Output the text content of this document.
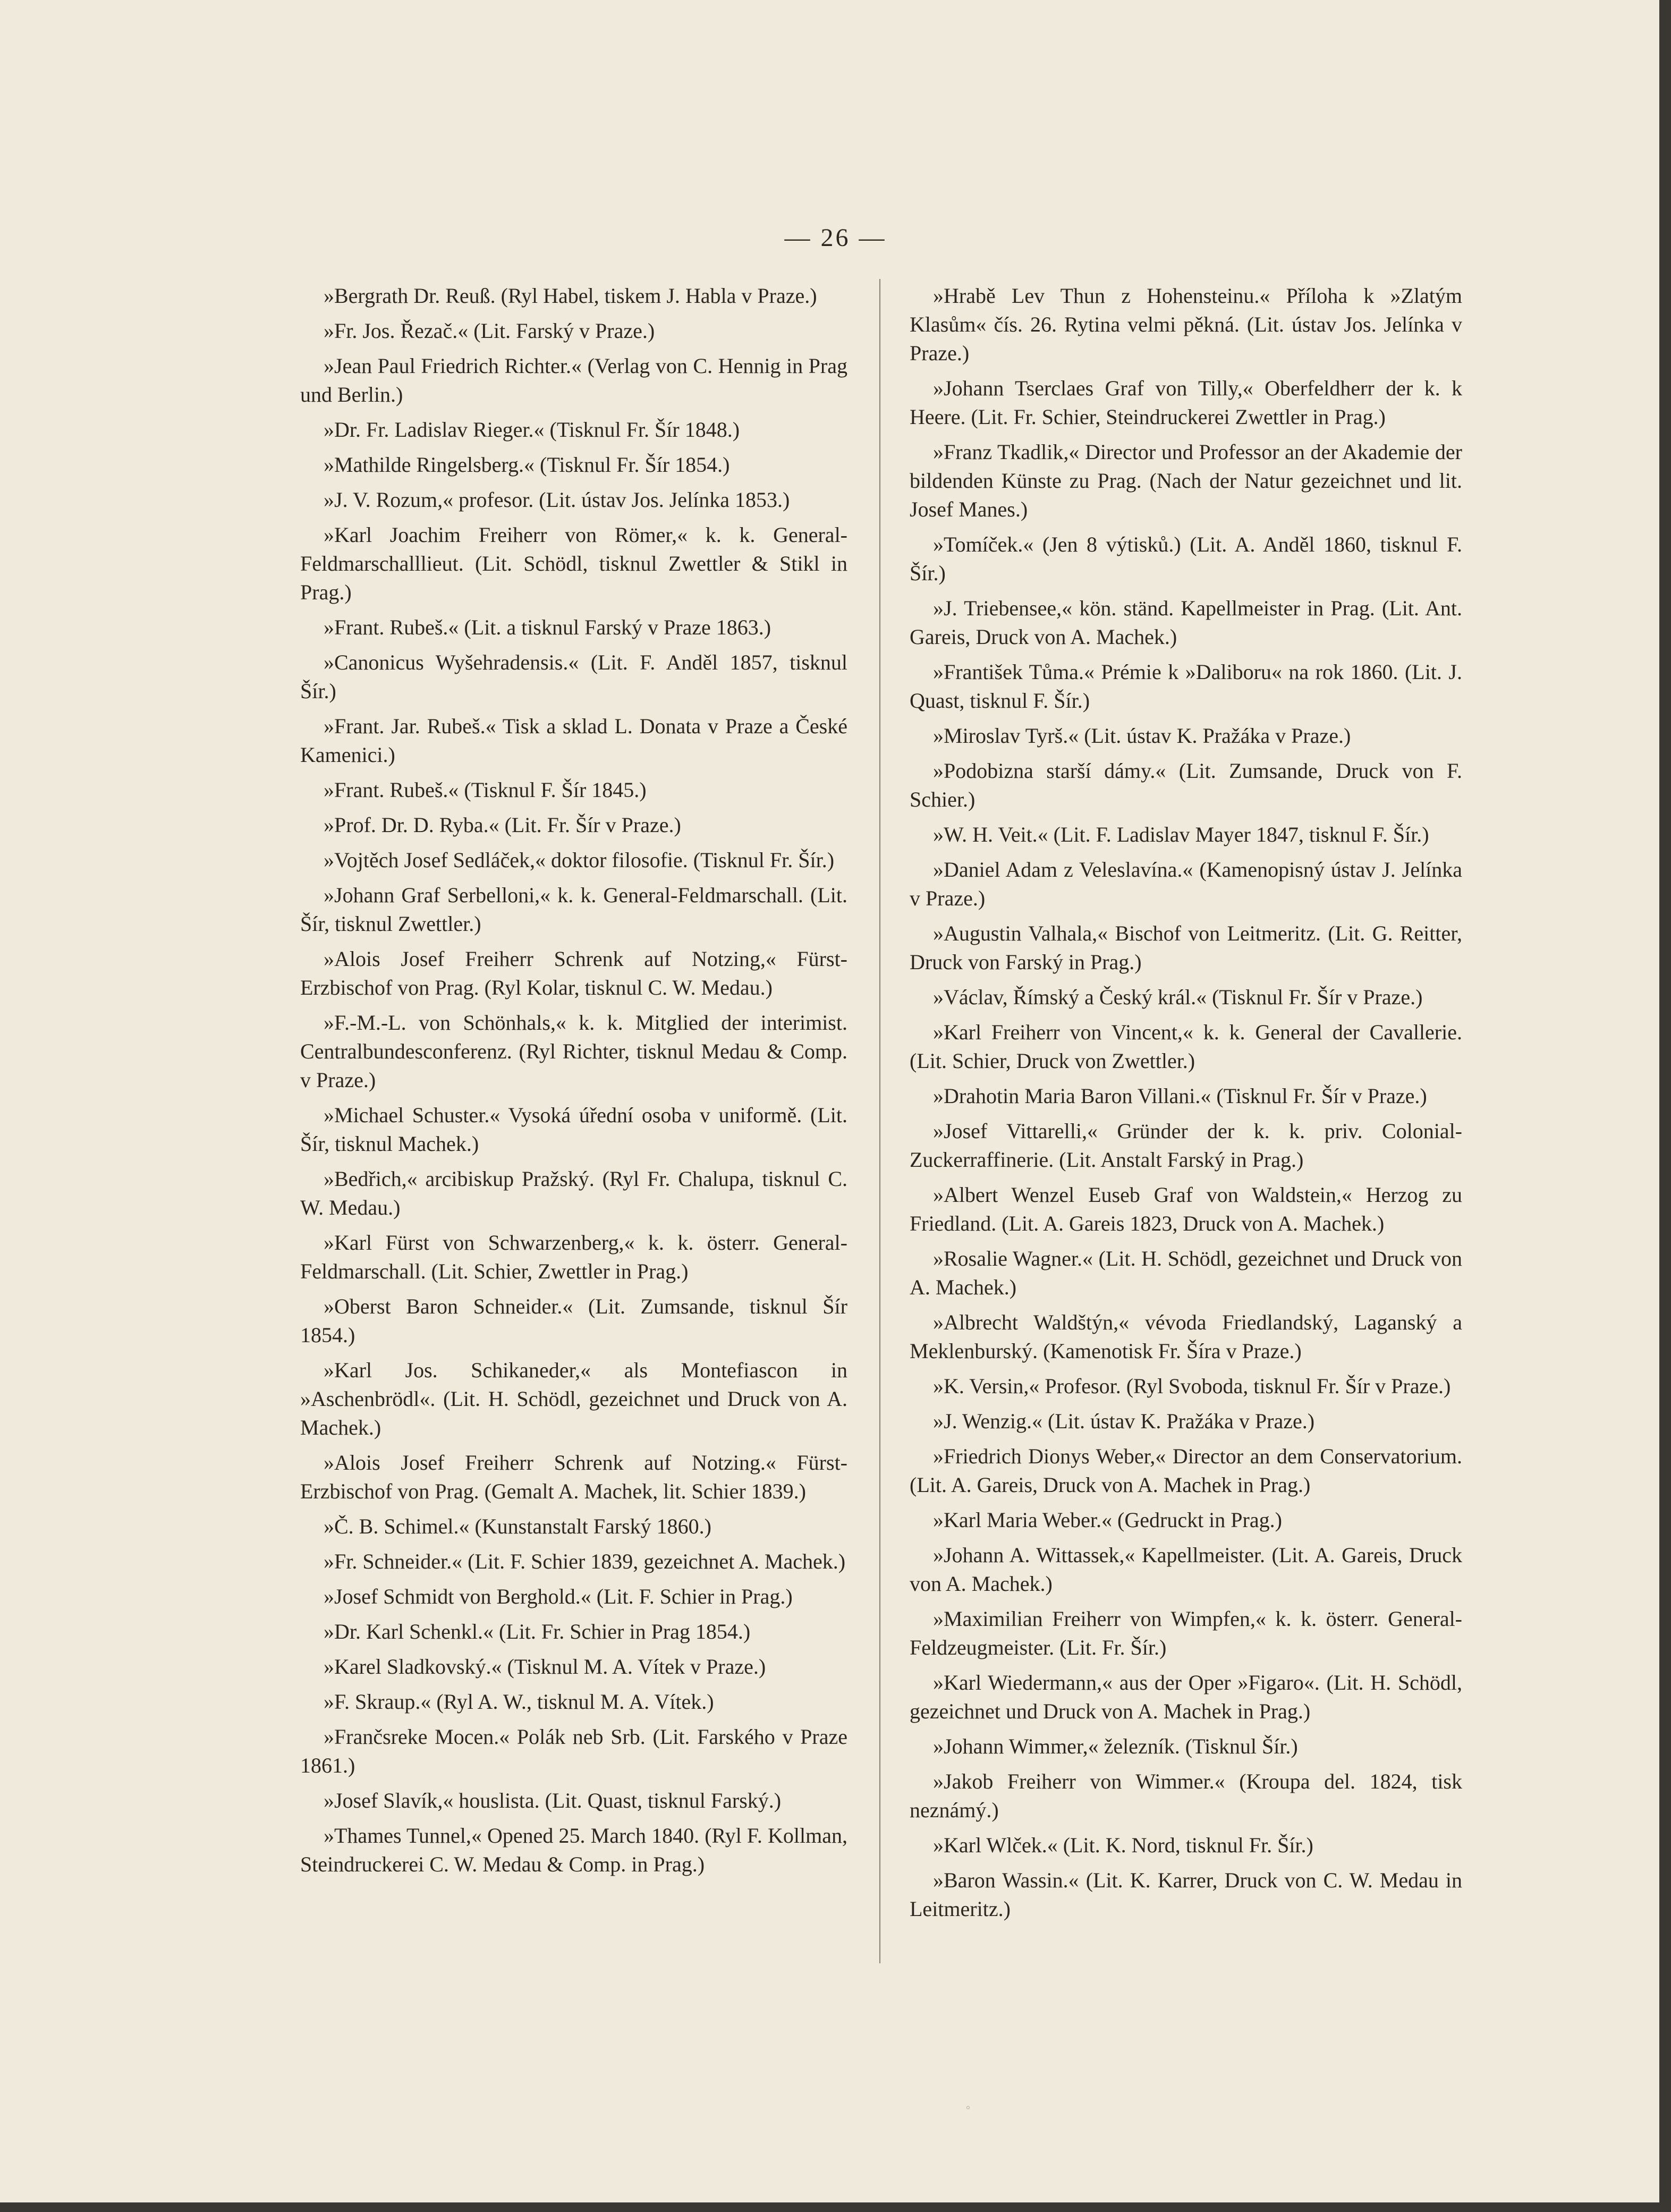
— 26 —

»Bergrath Dr. Reuß. (Ryl Habel, tiskem J. Habla v Praze.)

»Fr. Jos. Řezač.« (Lit. Farský v Praze.)

»Jean Paul Friedrich Richter.« (Verlag von C. Hennig in Prag und Berlin.)

»Dr. Fr. Ladislav Rieger.« (Tisknul Fr. Šír 1848.)

»Mathilde Ringelsberg.« (Tisknul Fr. Šír 1854.)

»J. V. Rozum,« profesor. (Lit. ústav Jos. Jelínka 1853.)

»Karl Joachim Freiherr von Römer,« k. k. General-Feldmarschalllieut. (Lit. Schödl, tisknul Zwettler & Stikl in Prag.)

»Frant. Rubeš.« (Lit. a tisknul Farský v Praze 1863.)

»Canonicus Wyšehradensis.« (Lit. F. Anděl 1857, tisknul Šír.)

»Frant. Jar. Rubeš.« Tisk a sklad L. Donata v Praze a České Kamenici.)

»Frant. Rubeš.« (Tisknul F. Šír 1845.)

»Prof. Dr. D. Ryba.« (Lit. Fr. Šír v Praze.)

»Vojtěch Josef Sedláček,« doktor filosofie. (Tisknul Fr. Šír.)

»Johann Graf Serbelloni,« k. k. General-Feldmarschall. (Lit. Šír, tisknul Zwettler.)

»Alois Josef Freiherr Schrenk auf Notzing,« Fürst-Erzbischof von Prag. (Ryl Kolar, tisknul C. W. Medau.)

»F.-M.-L. von Schönhals,« k. k. Mitglied der interimist. Centralbundesconferenz. (Ryl Richter, tisknul Medau & Comp. v Praze.)

»Michael Schuster.« Vysoká úřední osoba v uniformě. (Lit. Šír, tisknul Machek.)

»Bedřich,« arcibiskup Pražský. (Ryl Fr. Chalupa, tisknul C. W. Medau.)

»Karl Fürst von Schwarzenberg,« k. k. österr. General-Feldmarschall. (Lit. Schier, Zwettler in Prag.)

»Oberst Baron Schneider.« (Lit. Zumsande, tisknul Šír 1854.)

»Karl Jos. Schikaneder,« als Montefiascon in »Aschenbrödl«. (Lit. H. Schödl, gezeichnet und Druck von A. Machek.)

»Alois Josef Freiherr Schrenk auf Notzing.« Fürst-Erzbischof von Prag. (Gemalt A. Machek, lit. Schier 1839.)

»Č. B. Schimel.« (Kunstanstalt Farský 1860.)

»Fr. Schneider.« (Lit. F. Schier 1839, gezeichnet A. Machek.)

»Josef Schmidt von Berghold.« (Lit. F. Schier in Prag.)

»Dr. Karl Schenkl.« (Lit. Fr. Schier in Prag 1854.)

»Karel Sladkovský.« (Tisknul M. A. Vítek v Praze.)

»F. Skraup.« (Ryl A. W., tisknul M. A. Vítek.)

»Frančsreke Mocen.« Polák neb Srb. (Lit. Farského v Praze 1861.)

»Josef Slavík,« houslista. (Lit. Quast, tisknul Farský.)

»Thames Tunnel,« Opened 25. March 1840. (Ryl F. Kollman, Steindruckerei C. W. Medau & Comp. in Prag.)

»Hrabě Lev Thun z Hohensteinu.« Příloha k »Zlatým Klasům« čís. 26. Rytina velmi pěkná. (Lit. ústav Jos. Jelínka v Praze.)

»Johann Tserclaes Graf von Tilly,« Oberfeldherr der k. k Heere. (Lit. Fr. Schier, Steindruckerei Zwettler in Prag.)

»Franz Tkadlik,« Director und Professor an der Akademie der bildenden Künste zu Prag. (Nach der Natur gezeichnet und lit. Josef Manes.)

»Tomíček.« (Jen 8 výtisků.) (Lit. A. Anděl 1860, tisknul F. Šír.)

»J. Triebensee,« kön. ständ. Kapellmeister in Prag. (Lit. Ant. Gareis, Druck von A. Machek.)

»František Tůma.« Prémie k »Daliboru« na rok 1860. (Lit. J. Quast, tisknul F. Šír.)

»Miroslav Tyrš.« (Lit. ústav K. Pražáka v Praze.)

»Podobizna starší dámy.« (Lit. Zumsande, Druck von F. Schier.)

»W. H. Veit.« (Lit. F. Ladislav Mayer 1847, tisknul F. Šír.)

»Daniel Adam z Veleslavína.« (Kamenopisný ústav J. Jelínka v Praze.)

»Augustin Valhala,« Bischof von Leitmeritz. (Lit. G. Reitter, Druck von Farský in Prag.)

»Václav, Římský a Český král.« (Tisknul Fr. Šír v Praze.)

»Karl Freiherr von Vincent,« k. k. General der Cavallerie. (Lit. Schier, Druck von Zwettler.)

»Drahotin Maria Baron Villani.« (Tisknul Fr. Šír v Praze.)

»Josef Vittarelli,« Gründer der k. k. priv. Colonial-Zuckerraffinerie. (Lit. Anstalt Farský in Prag.)

»Albert Wenzel Euseb Graf von Waldstein,« Herzog zu Friedland. (Lit. A. Gareis 1823, Druck von A. Machek.)

»Rosalie Wagner.« (Lit. H. Schödl, gezeichnet und Druck von A. Machek.)

»Albrecht Waldštýn,« vévoda Friedlandský, Laganský a Meklenburský. (Kamenotisk Fr. Šíra v Praze.)

»K. Versin,« Profesor. (Ryl Svoboda, tisknul Fr. Šír v Praze.)

»J. Wenzig.« (Lit. ústav K. Pražáka v Praze.)

»Friedrich Dionys Weber,« Director an dem Conservatorium. (Lit. A. Gareis, Druck von A. Machek in Prag.)

»Karl Maria Weber.« (Gedruckt in Prag.)

»Johann A. Wittassek,« Kapellmeister. (Lit. A. Gareis, Druck von A. Machek.)

»Maximilian Freiherr von Wimpfen,« k. k. österr. General-Feldzeugmeister. (Lit. Fr. Šír.)

»Karl Wiedermann,« aus der Oper »Figaro«. (Lit. H. Schödl, gezeichnet und Druck von A. Machek in Prag.)

»Johann Wimmer,« železník. (Tisknul Šír.)

»Jakob Freiherr von Wimmer.« (Kroupa del. 1824, tisk neznámý.)

»Karl Wlček.« (Lit. K. Nord, tisknul Fr. Šír.)

»Baron Wassin.« (Lit. K. Karrer, Druck von C. W. Medau in Leitmeritz.)

°
